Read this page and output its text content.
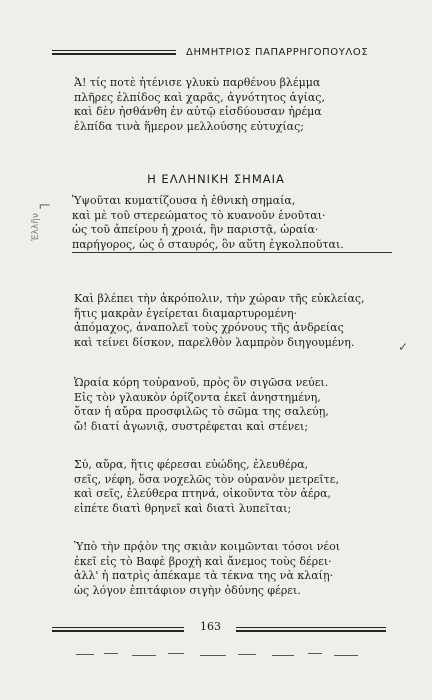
ΔΗΜΗΤΡΙΟΣ ΠΑΠΑΡΡΗΓΟΠΟΥΛΟΣ
Ἀ! τίς ποτὲ ἠτένισε γλυκὺ παρθένου βλέμμα
πλῆρες ἐλπίδος καὶ χαρᾶς, ἀγνότητος ἁγίας,
καὶ δὲν ἠσθάνθη ἐν αὐτῷ εἰσδύουσαν ἠρέμα
ἐλπίδα τινὰ ἥμερον μελλούσης εὐτυχίας;
Η ΕΛΛΗΝΙΚΗ ΣΗΜΑΙΑ
⌐
Ἐλλῆν
Ὑψοῦται κυματίζουσα ἡ ἐθνικὴ σημαία,
καὶ μὲ τοῦ στερεώματος τὸ κυανοῦν ἑνοῦται·
ὡς τοῦ ἀπείρου ἡ χροιά, ἣν παριστᾷ, ὡραία·
παρήγορος, ὡς ὁ σταυρός, ὃν αὕτη ἐγκολποῦται.
Καὶ βλέπει τὴν ἀκρόπολιν, τὴν χώραν τῆς εὐκλείας,
ἥτις μακρὰν ἐγείρεται διαμαρτυρομένη·
ἀπόμαχος, ἀναπολεῖ τοὺς χρόνους τῆς ἀνδρείας
καὶ τείνει δίσκον, παρελθὸν λαμπρὸν διηγουμένη.	✓
Ὡραία κόρη τοὐρανοῦ, πρὸς ὃν σιγῶσα νεύει.
Εἰς τὸν γλαυκὸν ὁρίζοντα ἐκεῖ ἀνηστημένη,
ὅταν ἡ αὔρα προσφιλῶς τὸ σῶμα της σαλεύῃ,
ὤ! διατί ἀγωνιᾷ, συστρέφεται καὶ στένει;
Σύ, αὔρα, ἥτις φέρεσαι εὐώδης, ἐλευθέρα,
σεῖς, νέφη, ὅσα νοχελῶς τὸν οὐρανὸν μετρεῖτε,
καὶ σεῖς, ἐλεύθερα πτηνά, οἰκοῦντα τὸν ἀέρα,
εἰπέτε διατὶ θρηνεῖ καὶ διατὶ λυπεῖται;
Ὑπὸ τὴν πρᾴὸν της σκιὰν κοιμῶνται τόσοι νέοι
ἐκεῖ εἰς τὸ Βαφὲ βροχὴ καὶ ἄνεμος τοὺς δέρει·
ἀλλ' ἡ πατρὶς ἀπέκαμε τὰ τέκνα της νὰ κλαίῃ·
ὡς λόγον ἐπιτάφιον σιγὴν ὀδύνης φέρει.
163
